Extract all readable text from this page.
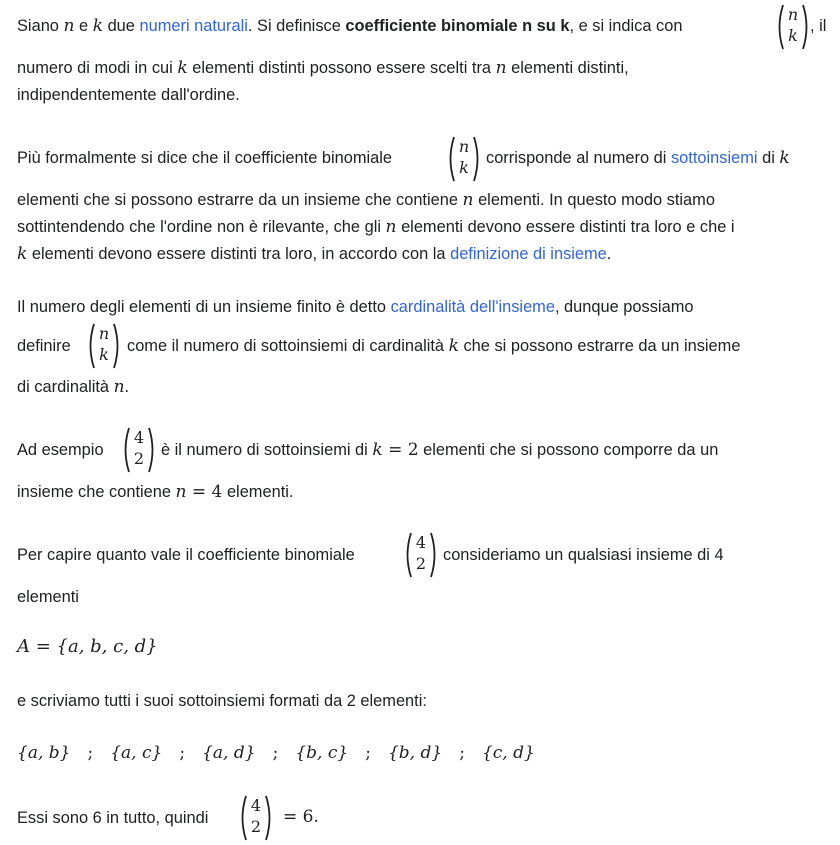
Siano n e k due numeri naturali. Si definisce coefficiente binomiale n su k, e si indica con
n
k , il
numero di modi in cui k elementi distinti possono essere scelti tra n elementi distinti,
indipendentemente dall'ordine.
Più formalmente si dice che il coefficiente binomiale
n
k	corrisponde al numero di sottoinsiemi di k
elementi che si possono estrarre da un insieme che contiene n elementi. In questo modo stiamo
sottintendendo che l'ordine non è rilevante, che gli n elementi devono essere distinti tra loro e che i
k elementi devono essere distinti tra loro, in accordo con la definizione di insieme.
Il numero degli elementi di un insieme finito è detto cardinalità dell'insieme, dunque possiamo
definire
n
k	come il numero di sottoinsiemi di cardinalità k che si possono estrarre da un insieme
di cardinalità n.
Ad esempio
4
2	è il numero di sottoinsiemi di k = 2 elementi che si possono comporre da un
insieme che contiene n = 4 elementi.
Per capire quanto vale il coefficiente binomiale
4
2	consideriamo un qualsiasi insieme di 4
elementi
A = {a, b, c, d}
e scriviamo tutti i suoi sottoinsiemi formati da 2 elementi:
{a, b} ; {a, c} ; {a, d} ; {b, c} ; {b, d} ; {c, d}
Essi sono 6 in tutto, quindi
4
2	= 6.
